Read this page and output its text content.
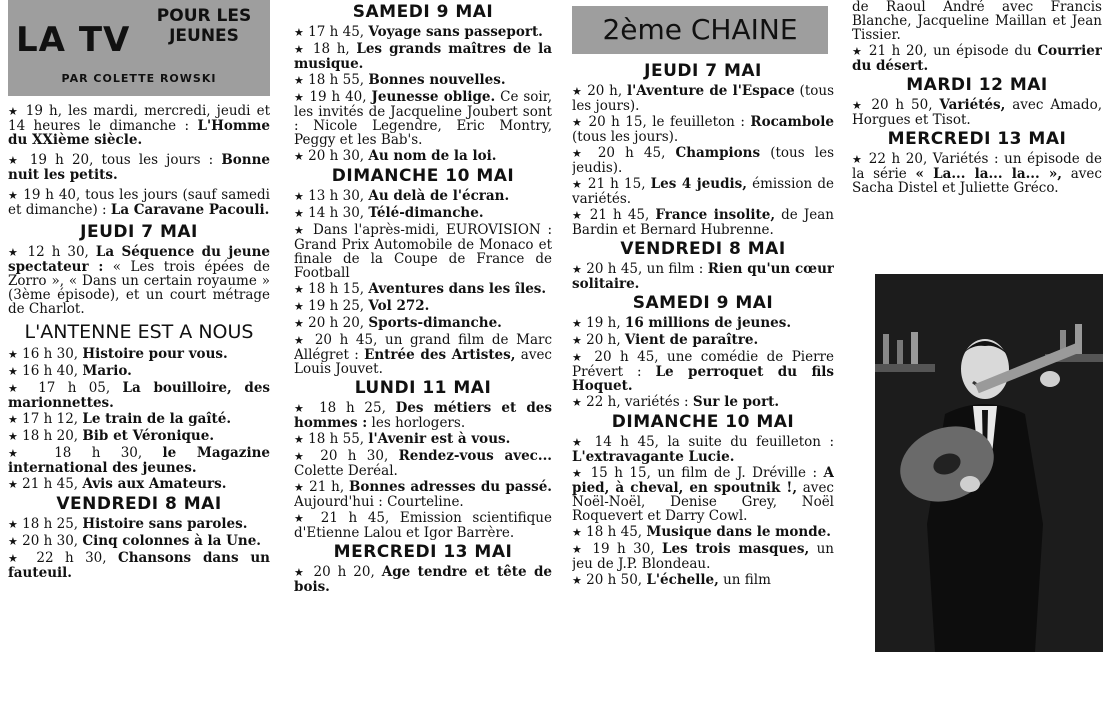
LA TV
POUR LES JEUNES
PAR COLETTE ROWSKI

★ 19 h, les mardi, mercredi, jeudi et 14 heures le dimanche : L'Homme du XXième siècle.

★ 19 h 20, tous les jours : Bonne nuit les petits.

★ 19 h 40, tous les jours (sauf samedi et dimanche) : La Caravane Pacouli.

JEUDI 7 MAI

★ 12 h 30, La Séquence du jeune spectateur : « Les trois épées de Zorro », « Dans un certain royaume » (3ème épisode), et un court métrage de Charlot.

L'ANTENNE EST A NOUS

★ 16 h 30, Histoire pour vous.

★ 16 h 40, Mario.

★ 17 h 05, La bouilloire, des marionnettes.

★ 17 h 12, Le train de la gaîté.

★ 18 h 20, Bib et Véronique.

★ 18 h 30, le Magazine international des jeunes.

★ 21 h 45, Avis aux Amateurs.

VENDREDI 8 MAI

★ 18 h 25, Histoire sans paroles.

★ 20 h 30, Cinq colonnes à la Une.

★ 22 h 30, Chansons dans un fauteuil.

SAMEDI 9 MAI

★ 17 h 45, Voyage sans passeport.

★ 18 h, Les grands maîtres de la musique.

★ 18 h 55, Bonnes nouvelles.

★ 19 h 40, Jeunesse oblige. Ce soir, les invités de Jacqueline Joubert sont : Nicole Legendre, Eric Montry, Peggy et les Bab's.

★ 20 h 30, Au nom de la loi.

DIMANCHE 10 MAI

★ 13 h 30, Au delà de l'écran.

★ 14 h 30, Télé-dimanche.

★ Dans l'après-midi, EUROVISION : Grand Prix Automobile de Monaco et finale de la Coupe de France de Football

★ 18 h 15, Aventures dans les îles.

★ 19 h 25, Vol 272.

★ 20 h 20, Sports-dimanche.

★ 20 h 45, un grand film de Marc Allégret : Entrée des Artistes, avec Louis Jouvet.

LUNDI 11 MAI

★ 18 h 25, Des métiers et des hommes : les horlogers.

★ 18 h 55, l'Avenir est à vous.

★ 20 h 30, Rendez-vous avec... Colette Deréal.

★ 21 h, Bonnes adresses du passé. Aujourd'hui : Courteline.

★ 21 h 45, Emission scientifique d'Etienne Lalou et Igor Barrère.

MERCREDI 13 MAI

★ 20 h 20, Age tendre et tête de bois.

2ème CHAINE
JEUDI 7 MAI

★ 20 h, l'Aventure de l'Espace (tous les jours).

★ 20 h 15, le feuilleton : Rocambole (tous les jours).

★ 20 h 45, Champions (tous les jeudis).

★ 21 h 15, Les 4 jeudis, émission de variétés.

★ 21 h 45, France insolite, de Jean Bardin et Bernard Hubrenne.

VENDREDI 8 MAI

★ 20 h 45, un film : Rien qu'un cœur solitaire.

SAMEDI 9 MAI

★ 19 h, 16 millions de jeunes.

★ 20 h, Vient de paraître.

★ 20 h 45, une comédie de Pierre Prévert : Le perroquet du fils Hoquet.

★ 22 h, variétés : Sur le port.

DIMANCHE 10 MAI

★ 14 h 45, la suite du feuilleton : L'extravagante Lucie.

★ 15 h 15, un film de J. Dréville : A pied, à cheval, en spoutnik !, avec Noël-Noël, Denise Grey, Noël Roquevert et Darry Cowl.

★ 18 h 45, Musique dans le monde.

★ 19 h 30, Les trois masques, un jeu de J.P. Blondeau.

★ 20 h 50, L'échelle, un film

de Raoul André avec Francis Blanche, Jacqueline Maillan et Jean Tissier.

★ 21 h 20, un épisode du Courrier du désert.

MARDI 12 MAI

★ 20 h 50, Variétés, avec Amado, Horgues et Tisot.

MERCREDI 13 MAI

★ 22 h 20, Variétés : un épisode de la série « La... la... la... », avec Sacha Distel et Juliette Gréco.
